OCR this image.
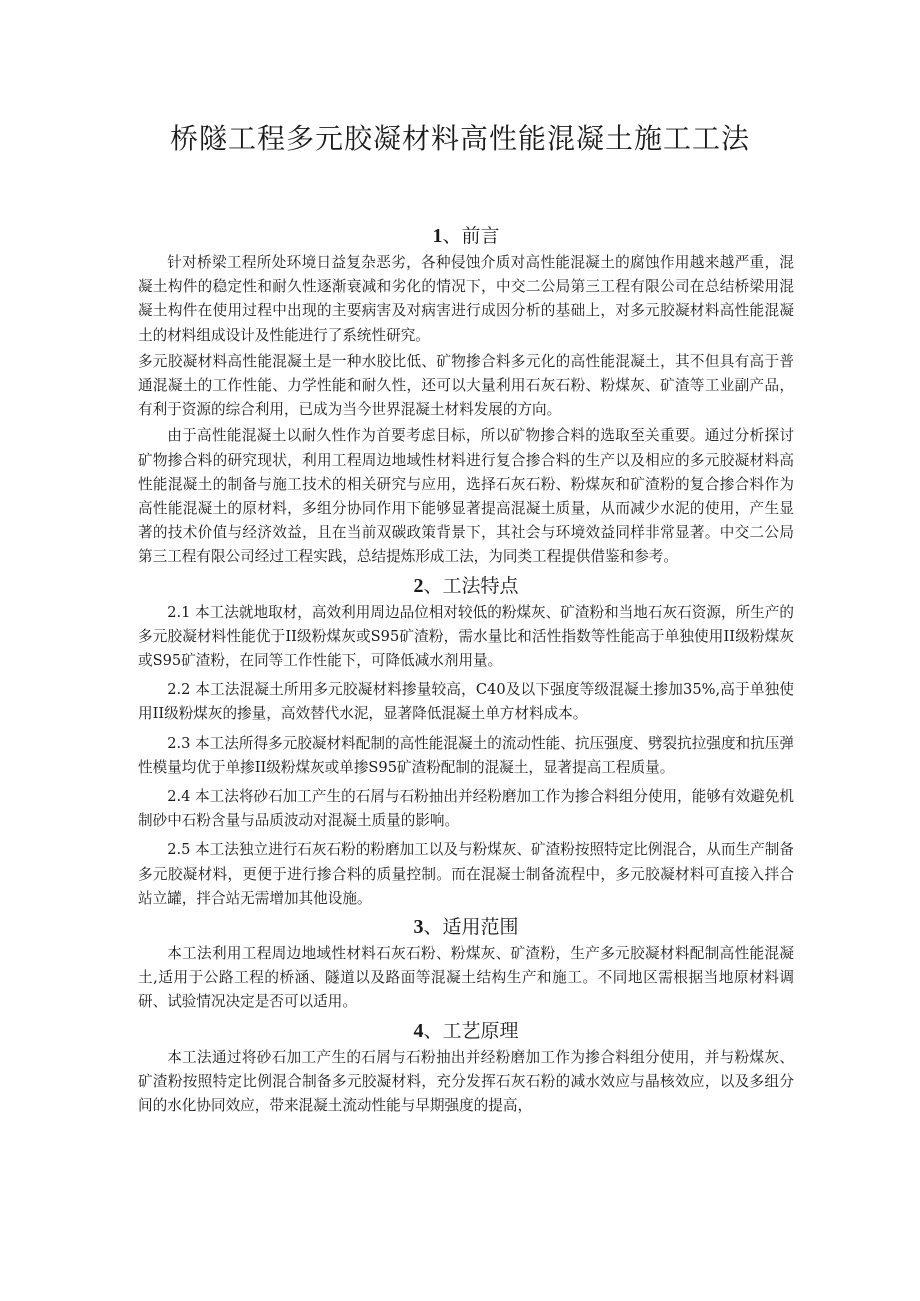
桥隧工程多元胶凝材料高性能混凝土施工工法
1、前言

针对桥梁工程所处环境日益复杂恶劣，各种侵蚀介质对高性能混凝土的腐蚀作用越来越严重，混凝土构件的稳定性和耐久性逐渐衰减和劣化的情况下，中交二公局第三工程有限公司在总结桥梁用混凝土构件在使用过程中出现的主要病害及对病害进行成因分析的基础上，对多元胶凝材料高性能混凝土的材料组成设计及性能进行了系统性研究。

多元胶凝材料高性能混凝土是一种水胶比低、矿物掺合料多元化的高性能混凝土，其不但具有高于普通混凝土的工作性能、力学性能和耐久性，还可以大量利用石灰石粉、粉煤灰、矿渣等工业副产品，有利于资源的综合利用，已成为当今世界混凝土材料发展的方向。

由于高性能混凝土以耐久性作为首要考虑目标，所以矿物掺合料的选取至关重要。通过分析探讨矿物掺合料的研究现状，利用工程周边地域性材料进行复合掺合料的生产以及相应的多元胶凝材料高性能混凝土的制备与施工技术的相关研究与应用，选择石灰石粉、粉煤灰和矿渣粉的复合掺合料作为高性能混凝土的原材料，多组分协同作用下能够显著提高混凝土质量，从而减少水泥的使用，产生显著的技术价值与经济效益，且在当前双碳政策背景下，其社会与环境效益同样非常显著。中交二公局第三工程有限公司经过工程实践，总结提炼形成工法，为同类工程提供借鉴和参考。

2、工法特点

2.1 本工法就地取材，高效利用周边品位相对较低的粉煤灰、矿渣粉和当地石灰石资源，所生产的多元胶凝材料性能优于II级粉煤灰或S95矿渣粉，需水量比和活性指数等性能高于单独使用II级粉煤灰或S95矿渣粉，在同等工作性能下，可降低减水剂用量。

2.2 本工法混凝土所用多元胶凝材料掺量较高，C40及以下强度等级混凝土掺加35%,高于单独使用II级粉煤灰的掺量，高效替代水泥，显著降低混凝土单方材料成本。

2.3 本工法所得多元胶凝材料配制的高性能混凝土的流动性能、抗压强度、劈裂抗拉强度和抗压弹性模量均优于单掺II级粉煤灰或单掺S95矿渣粉配制的混凝土，显著提高工程质量。

2.4 本工法将砂石加工产生的石屑与石粉抽出并经粉磨加工作为掺合料组分使用，能够有效避免机制砂中石粉含量与品质波动对混凝土质量的影响。

2.5 本工法独立进行石灰石粉的粉磨加工以及与粉煤灰、矿渣粉按照特定比例混合，从而生产制备多元胶凝材料，更便于进行掺合料的质量控制。而在混凝士制备流程中，多元胶凝材料可直接入拌合站立罐，拌合站无需增加其他设施。

3、适用范围

本工法利用工程周边地域性材料石灰石粉、粉煤灰、矿渣粉，生产多元胶凝材料配制高性能混凝土,适用于公路工程的桥涵、隧道以及路面等混凝土结构生产和施工。不同地区需根据当地原材料调研、试验情况决定是否可以适用。

4、工艺原理

本工法通过将砂石加工产生的石屑与石粉抽出并经粉磨加工作为掺合料组分使用，并与粉煤灰、矿渣粉按照特定比例混合制备多元胶凝材料，充分发挥石灰石粉的减水效应与晶核效应，以及多组分间的水化协同效应，带来混凝土流动性能与早期强度的提高，
